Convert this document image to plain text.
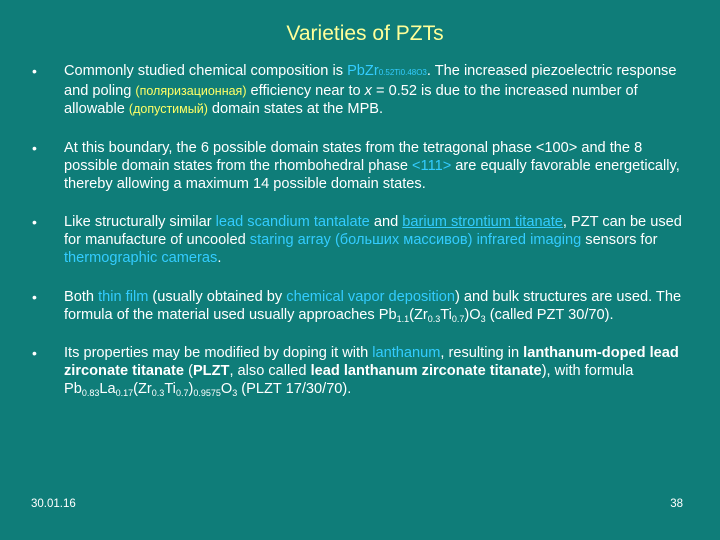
Varieties of PZTs
• Commonly studied chemical composition is PbZr0.52Ti0.48O3. The increased piezoelectric response and poling (поляризационная) efficiency near to x = 0.52 is due to the increased number of allowable (допустимый) domain states at the MPB.
• At this boundary, the 6 possible domain states from the tetragonal phase <100> and the 8 possible domain states from the rhombohedral phase <111> are equally favorable energetically, thereby allowing a maximum 14 possible domain states.
• Like structurally similar lead scandium tantalate and barium strontium titanate, PZT can be used for manufacture of uncooled staring array (больших массивов) infrared imaging sensors for thermographic cameras.
• Both thin film (usually obtained by chemical vapor deposition) and bulk structures are used. The formula of the material used usually approaches $Pb_{1.1}(Zr_{0.3}Ti_{0.7})O_3$ (called PZT 30/70).
• Its properties may be modified by doping it with lanthanum, resulting in lanthanum-doped lead zirconate titanate (PLZT, also called lead lanthanum zirconate titanate), with formula $Pb_{0.83}La_{0.17}(Zr_{0.3}Ti_{0.7})_{0.9575}O_3$ (PLZT 17/30/70).
30.01.16	38
